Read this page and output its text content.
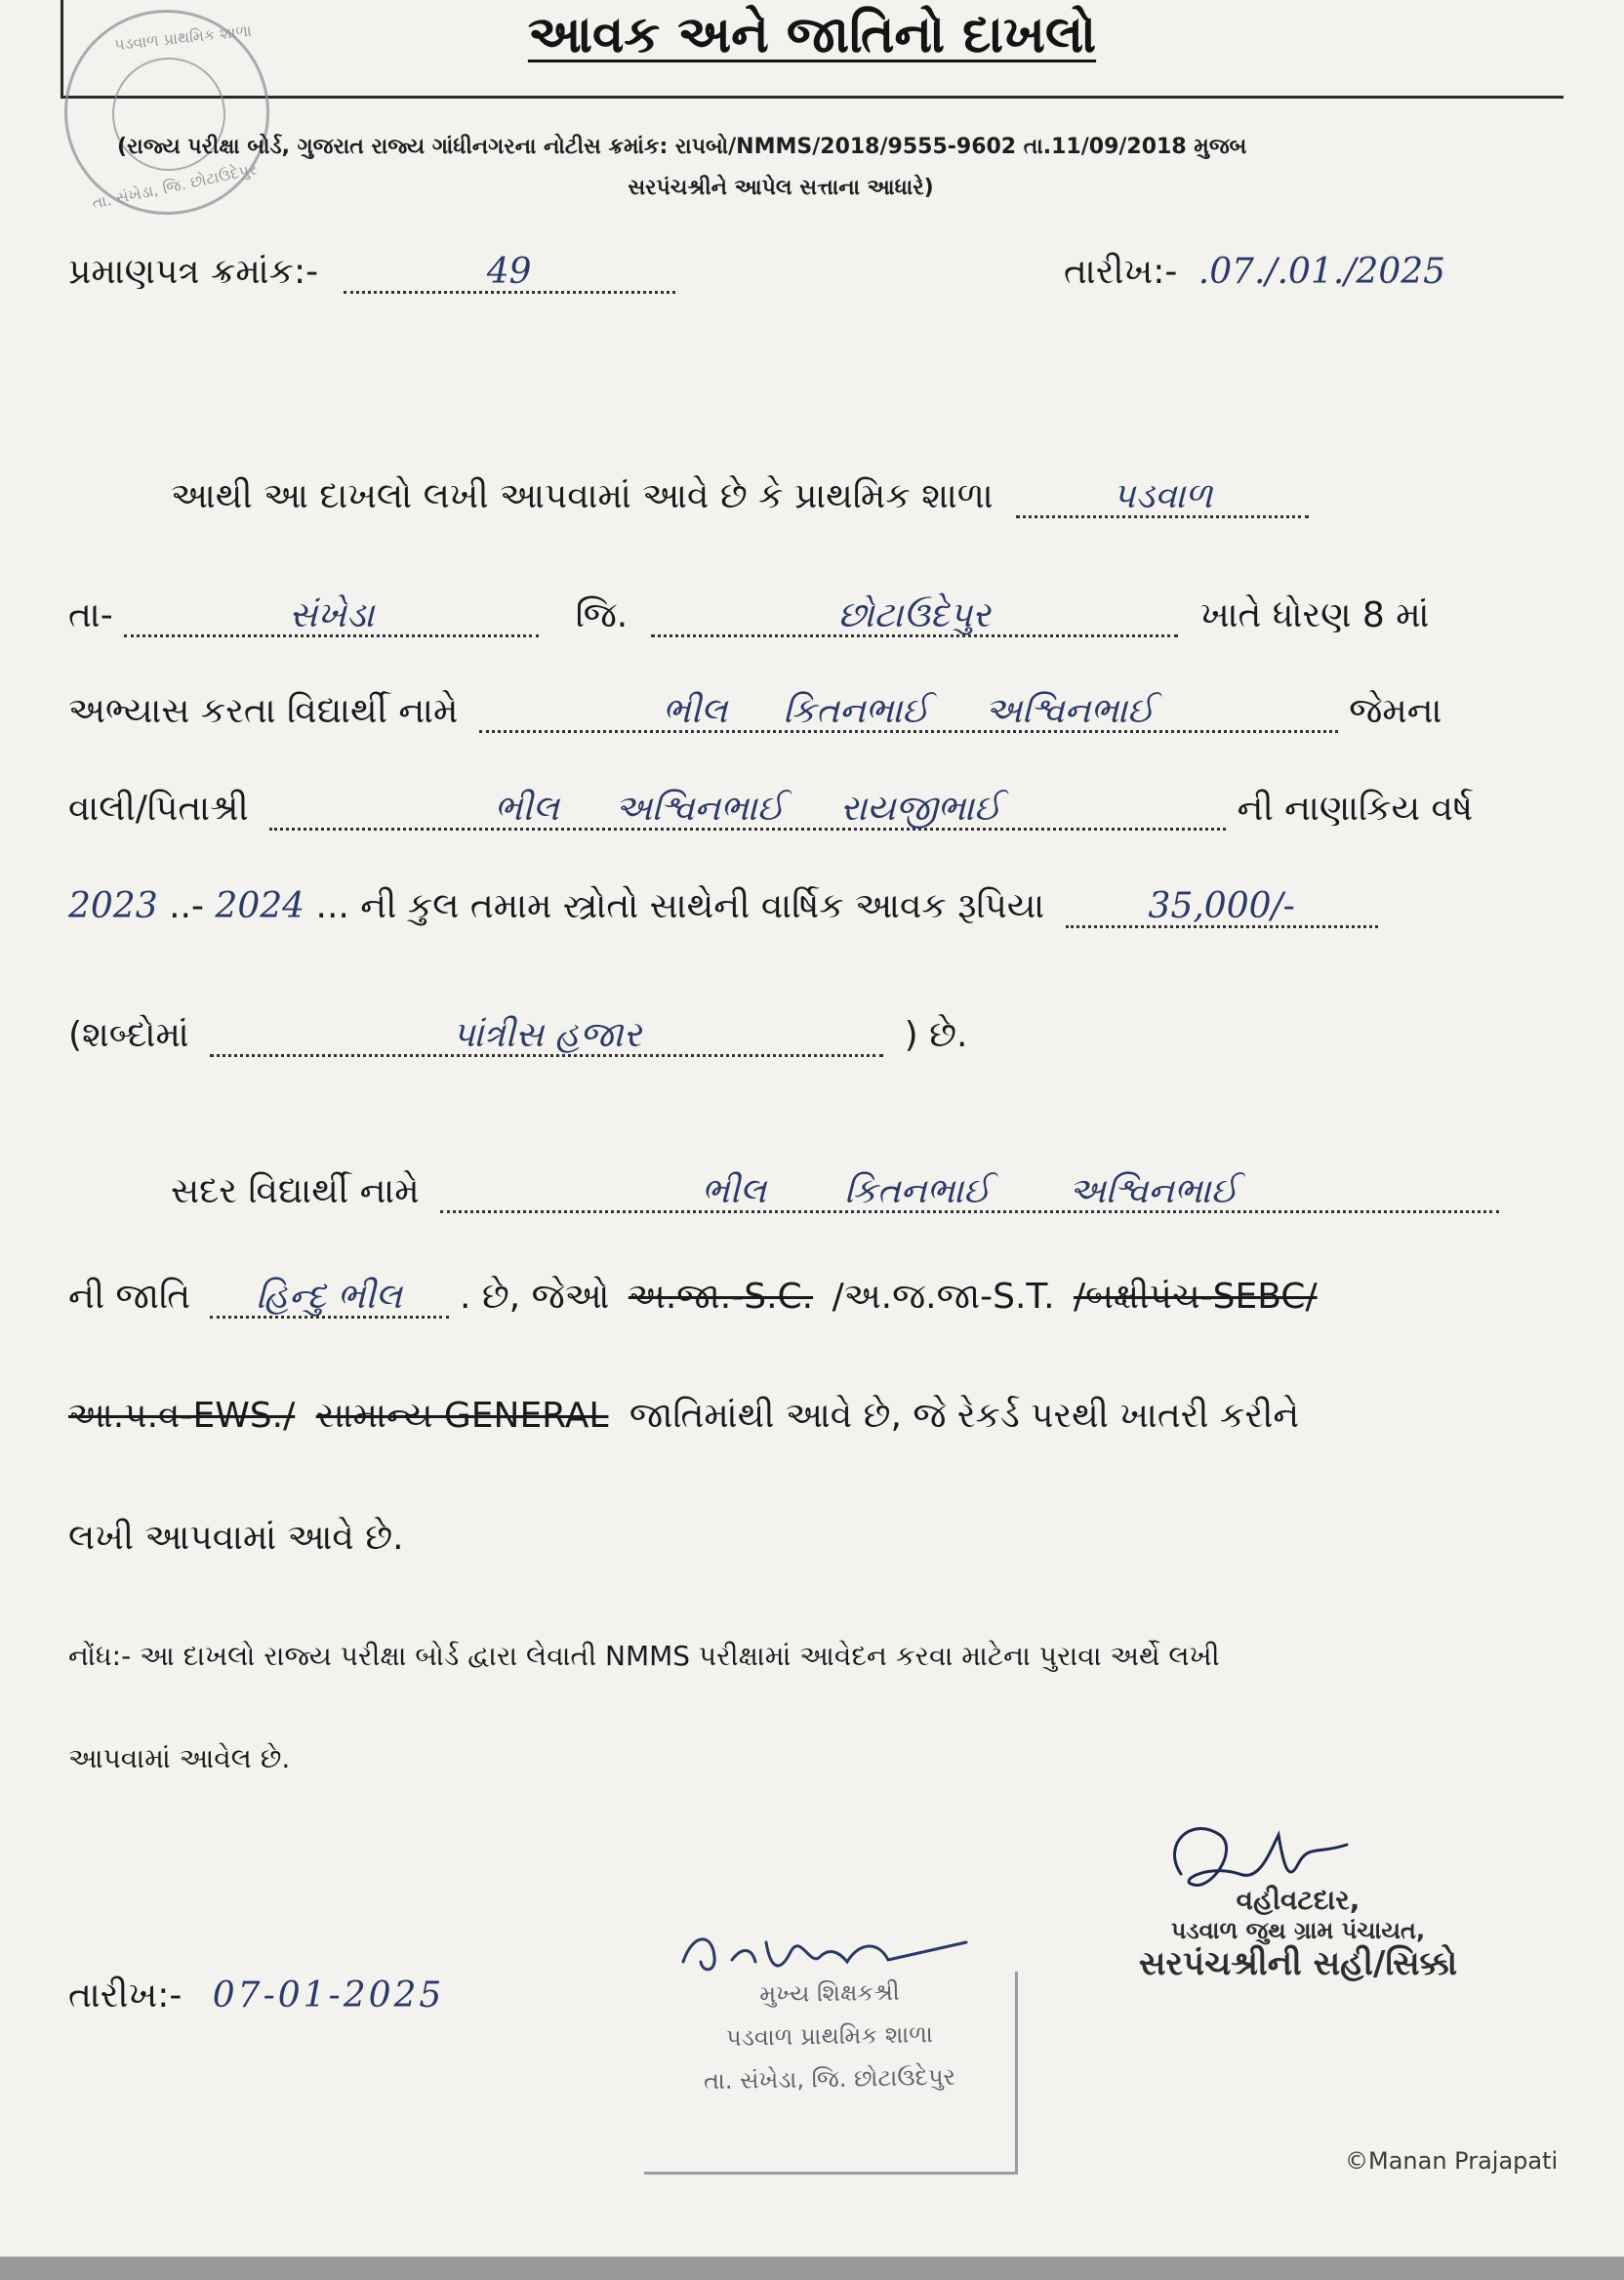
પડવાળ પ્રાથમિક શાળા
તા. સંખેડા, જિ. છોટાઉદેપુર
આવક અને જાતિનો દાખલો
(રાજ્ય પરીક્ષા બોર્ડ, ગુજરાત રાજ્ય ગાંધીનગરના નોટીસ ક્રમાંક: રાપબો/NMMS/2018/9555-9602 તા.11/09/2018 મુજબ
સરપંચશ્રીને આપેલ સત્તાના આધારે)
પ્રમાણપત્ર ક્રમાંક:-	49	તારીખ:- .07./.01./2025
આથી આ દાખલો લખી આપવામાં આવે છે કે પ્રાથમિક શાળા	પડવાળ
તા-	સંખેડા	જિ.	છોટાઉદેપુર	ખાતે ધોરણ 8 માં
અભ્યાસ કરતા વિદ્યાર્થી નામે	ભીલ કિતનભાઈ અશ્વિનભાઈ	જેમના
વાલી/પિતાશ્રી	ભીલ અશ્વિનભાઈ રાયજીભાઈ	ની નાણાકિય વર્ષ
2023 ..- 2024 ... ની કુલ તમામ સ્ત્રોતો સાથેની વાર્ષિક આવક રૂપિયા	35,000/-
(શબ્દોમાં	પાંત્રીસ હજાર	) છે.
સદર વિદ્યાર્થી નામે	ભીલ કિતનભાઈ અશ્વિનભાઈ
ની જાતિ હિન્દુ ભીલ . છે, જેઓ અ.જા.-S.C. /અ.જ.જા-S.T. /બક્ષીપંચ-SEBC/
આ.પ.વ-EWS./ સામાન્ય GENERAL જાતિમાંથી આવે છે, જે રેકર્ડ પરથી ખાતરી કરીને
લખી આપવામાં આવે છે.
નોંધ:- આ દાખલો રાજ્ય પરીક્ષા બોર્ડ દ્વારા લેવાતી NMMS પરીક્ષામાં આવેદન કરવા માટેના પુરાવા અર્થે લખી
આપવામાં આવેલ છે.
તારીખ:- 07-01-2025	મુખ્ય શિક્ષકશ્રી
પડવાળ પ્રાથમિક શાળા
તા. સંખેડા, જિ. છોટાઉદેપુર
વહીવટદાર,
પડવાળ જુથ ગ્રામ પંચાયત,
સરપંચશ્રીની સહી/સિક્કો
©Manan Prajapati
